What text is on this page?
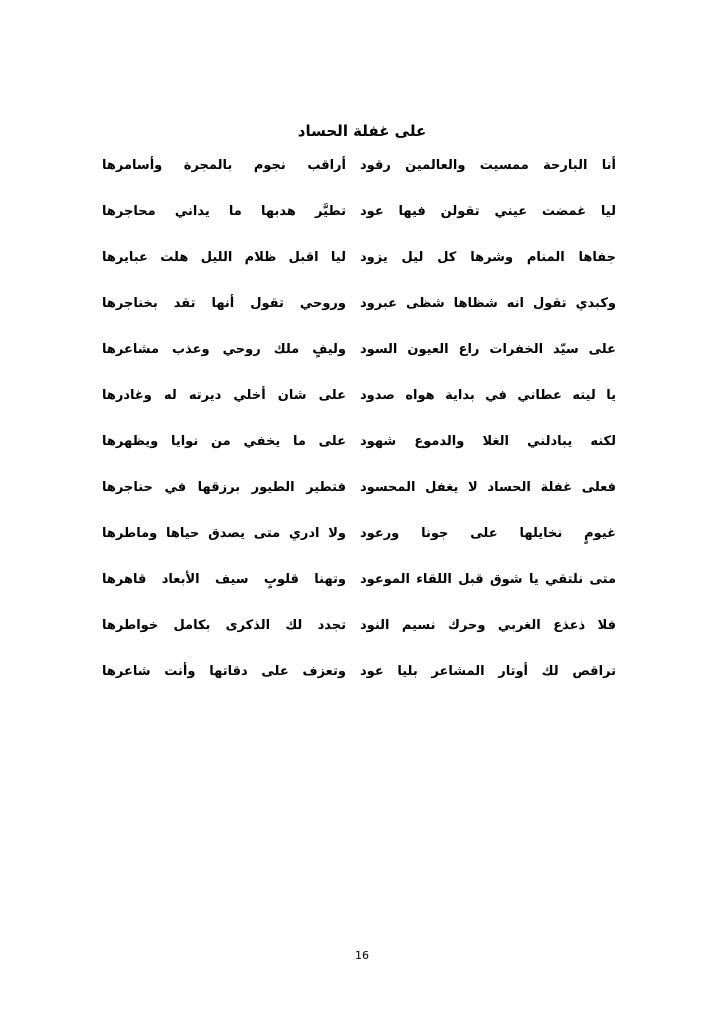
على غفلة الحساد
أنا البارحة ممسيت والعالمين رقود
أراقب نجوم بالمجرة وأسامرها
ليا غمضت عيني تقولن فيها عود
تطيَّر هدبها ما يداني محاجرها
جفاها المنام وشرها كل ليل يزود
ليا اقبل ظلام الليل هلت عبايرها
وكبدي تقول انه شظاها شظى عبرود
وروحي تقول أنها تقد بخناجرها
على سيّد الخفرات راع العيون السود
وليفٍ ملك روحي وعذب مشاعرها
يا ليته عطاني في بداية هواه صدود
على شان أخلي ديرته له وغادرها
لكنه يبادلني الغلا والدموع شهود
على ما يخفي من نوايا ويظهرها
فعلى غفلة الحساد لا يغفل المحسود
فتطير الطيور برزقها في حناجرها
غيومٍ نخايلها على جونا ورعود
ولا ادري متى يصدق حياها وماطرها
متى نلتقي يا شوق قبل اللقاء الموعود
وتهنا قلوبٍ سيف الأبعاد قاهرها
فلا ذعذع الغربي وحرك نسيم النود
تجدد لك الذكرى بكامل خواطرها
تراقص لك أوتار المشاعر بليا عود
وتعزف على دقاتها وأنت شاعرها
16
